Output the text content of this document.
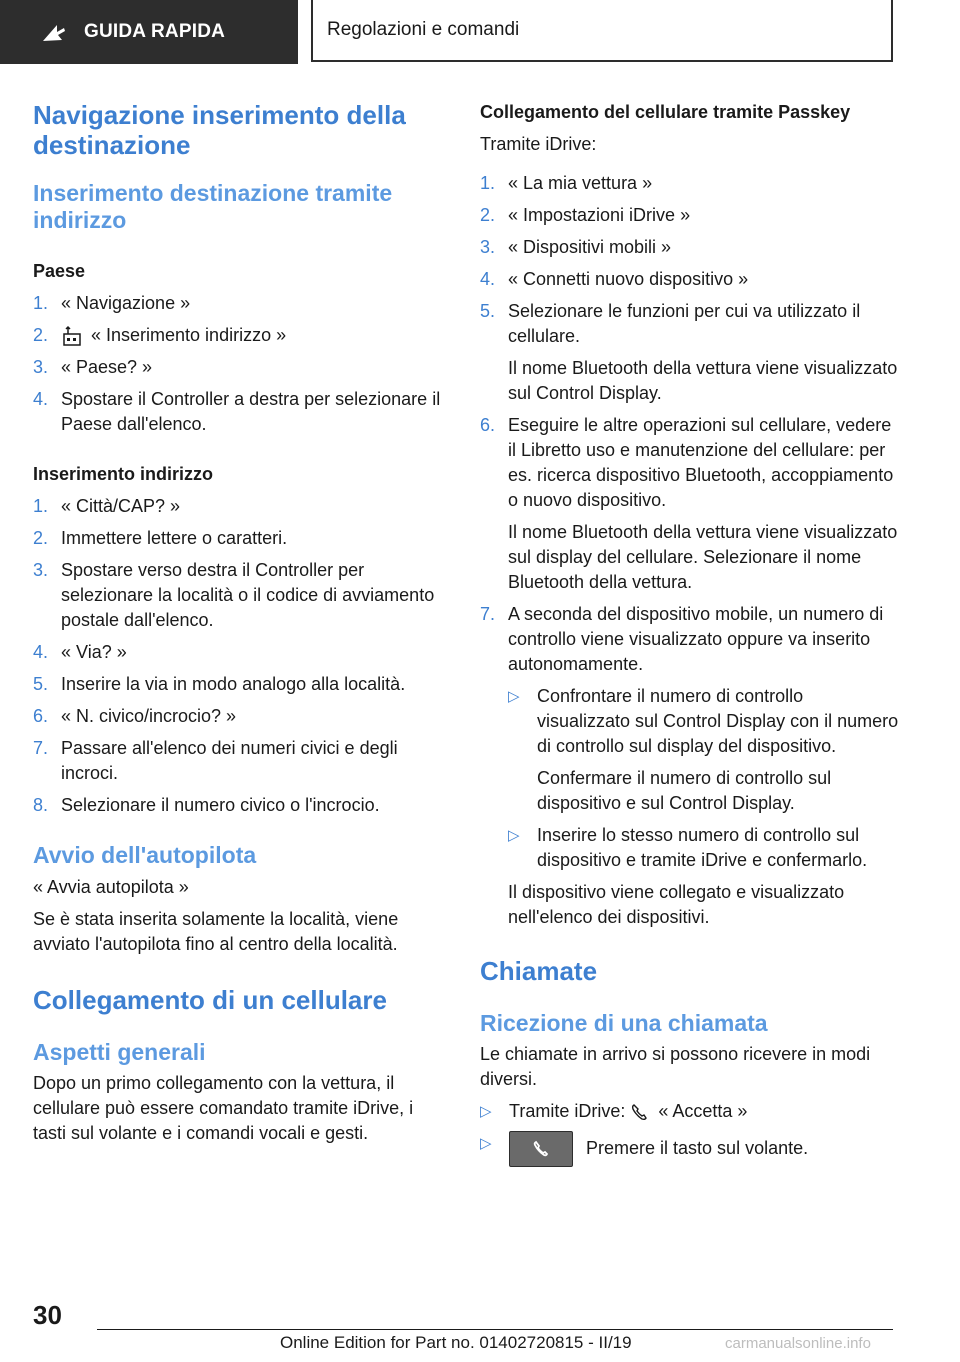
GUIDA RAPIDA	Regolazioni e comandi
Navigazione inserimento della destinazione
Inserimento destinazione tramite indirizzo
Paese
1. « Navigazione »
2.	« Inserimento indirizzo »
3. « Paese? »
4. Spostare il Controller a destra per selezionare il Paese dall'elenco.
Inserimento indirizzo
1. « Città/CAP? »
2. Immettere lettere o caratteri.
3. Spostare verso destra il Controller per selezionare la località o il codice di avviamento postale dall'elenco.
4. « Via? »
5. Inserire la via in modo analogo alla località.
6. « N. civico/incrocio? »
7. Passare all'elenco dei numeri civici e degli incroci.
8. Selezionare il numero civico o l'incrocio.
Avvio dell'autopilota

« Avvia autopilota »

Se è stata inserita solamente la località, viene avviato l'autopilota fino al centro della località.

Collegamento di un cellulare
Aspetti generali

Dopo un primo collegamento con la vettura, il cellulare può essere comandato tramite iDrive, i tasti sul volante e i comandi vocali e gesti.

Collegamento del cellulare tramite Passkey

Tramite iDrive:

1. « La mia vettura »
2. « Impostazioni iDrive »
3. « Dispositivi mobili »
4. « Connetti nuovo dispositivo »
5. Selezionare le funzioni per cui va utilizzato il cellulare.
Il nome Bluetooth della vettura viene visualizzato sul Control Display.
6. Eseguire le altre operazioni sul cellulare, vedere il Libretto uso e manutenzione del cellulare: per es. ricerca dispositivo Bluetooth, accoppiamento o nuovo dispositivo.
Il nome Bluetooth della vettura viene visualizzato sul display del cellulare. Selezionare il nome Bluetooth della vettura.
7. A seconda del dispositivo mobile, un numero di controllo viene visualizzato oppure va inserito autonomamente.
▷ Confrontare il numero di controllo visualizzato sul Control Display con il numero di controllo sul display del dispositivo.
Confermare il numero di controllo sul dispositivo e sul Control Display.
▷ Inserire lo stesso numero di controllo sul dispositivo e tramite iDrive e confermarlo.
Il dispositivo viene collegato e visualizzato nell'elenco dei dispositivi.
Chiamate
Ricezione di una chiamata

Le chiamate in arrivo si possono ricevere in modi diversi.

▷ Tramite iDrive: « Accetta »
▷	Premere il tasto sul volante.
30
Online Edition for Part no. 01402720815 - II/19	carmanualsonline.info
